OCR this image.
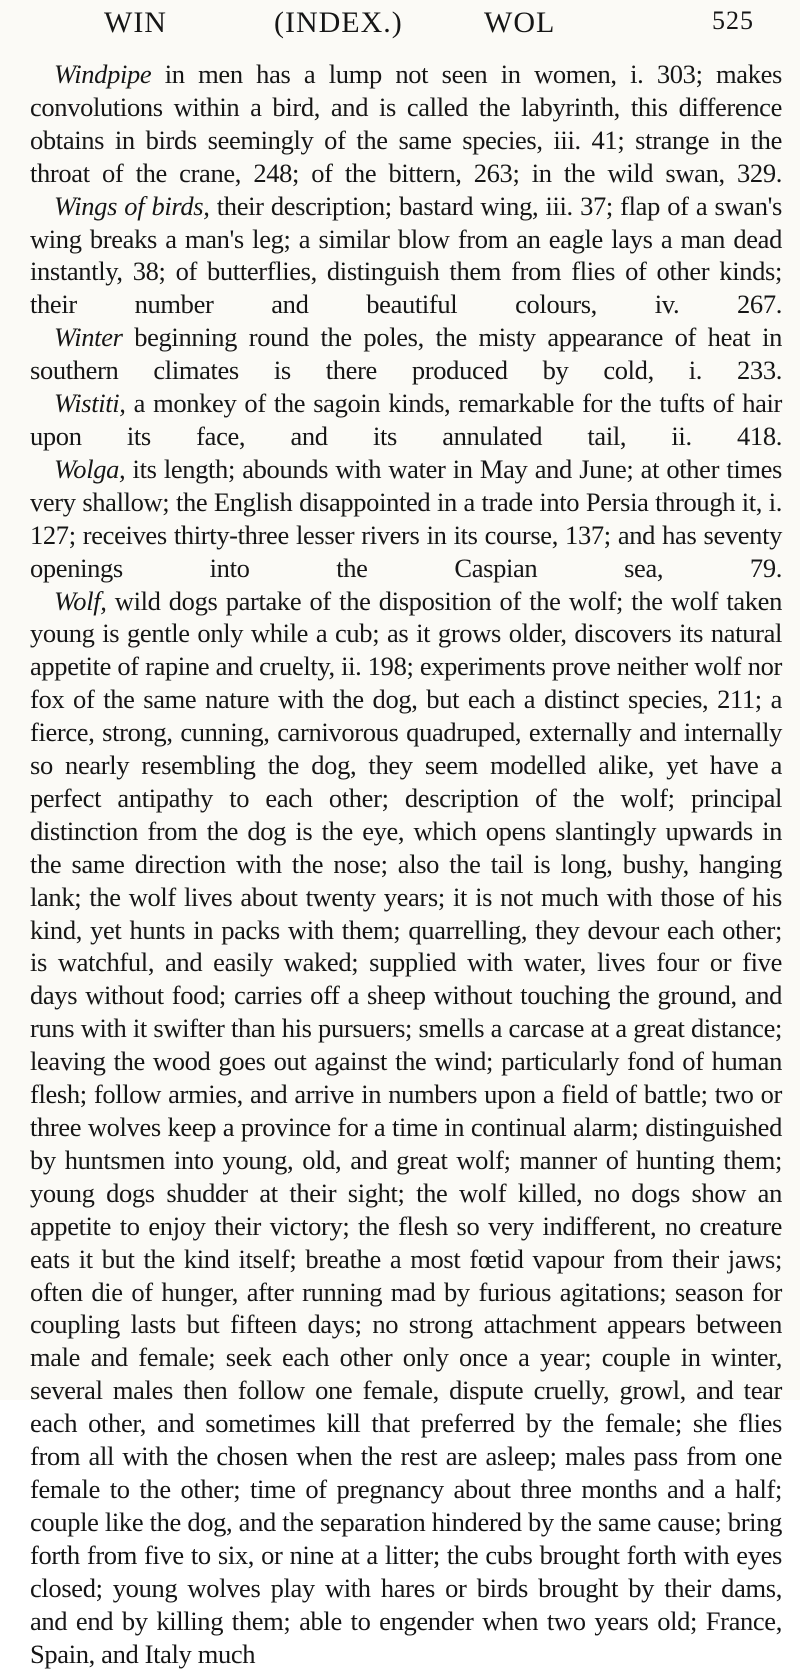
WIN	(INDEX.)	WOL	525

Windpipe in men has a lump not seen in women, i. 303; makes convolutions within a bird, and is called the labyrinth, this difference obtains in birds seemingly of the same species, iii. 41; strange in the throat of the crane, 248; of the bittern, 263; in the wild swan, 329.

Wings of birds, their description; bastard wing, iii. 37; flap of a swan's wing breaks a man's leg; a similar blow from an eagle lays a man dead instantly, 38; of butterflies, distinguish them from flies of other kinds; their number and beautiful colours, iv. 267.

Winter beginning round the poles, the misty appearance of heat in southern climates is there produced by cold, i. 233.

Wistiti, a monkey of the sagoin kinds, remarkable for the tufts of hair upon its face, and its annulated tail, ii. 418.

Wolga, its length; abounds with water in May and June; at other times very shallow; the English disappointed in a trade into Persia through it, i. 127; receives thirty-three lesser rivers in its course, 137; and has seventy openings into the Caspian sea, 79.

Wolf, wild dogs partake of the disposition of the wolf; the wolf taken young is gentle only while a cub; as it grows older, discovers its natural appetite of rapine and cruelty, ii. 198; experiments prove neither wolf nor fox of the same nature with the dog, but each a distinct species, 211; a fierce, strong, cunning, carnivorous quadruped, externally and internally so nearly resembling the dog, they seem modelled alike, yet have a perfect antipathy to each other; description of the wolf; principal distinction from the dog is the eye, which opens slantingly upwards in the same direction with the nose; also the tail is long, bushy, hanging lank; the wolf lives about twenty years; it is not much with those of his kind, yet hunts in packs with them; quarrelling, they devour each other; is watchful, and easily waked; supplied with water, lives four or five days without food; carries off a sheep without touching the ground, and runs with it swifter than his pursuers; smells a carcase at a great distance; leaving the wood goes out against the wind; particularly fond of human flesh; follow armies, and arrive in numbers upon a field of battle; two or three wolves keep a province for a time in continual alarm; distinguished by huntsmen into young, old, and great wolf; manner of hunting them; young dogs shudder at their sight; the wolf killed, no dogs show an appetite to enjoy their victory; the flesh so very indifferent, no creature eats it but the kind itself; breathe a most fœtid vapour from their jaws; often die of hunger, after running mad by furious agitations; season for coupling lasts but fifteen days; no strong attachment appears between male and female; seek each other only once a year; couple in winter, several males then follow one female, dispute cruelly, growl, and tear each other, and sometimes kill that preferred by the female; she flies from all with the chosen when the rest are asleep; males pass from one female to the other; time of pregnancy about three months and a half; couple like the dog, and the separation hindered by the same cause; bring forth from five to six, or nine at a litter; the cubs brought forth with eyes closed; young wolves play with hares or birds brought by their dams, and end by killing them; able to engender when two years old; France, Spain, and Italy much
